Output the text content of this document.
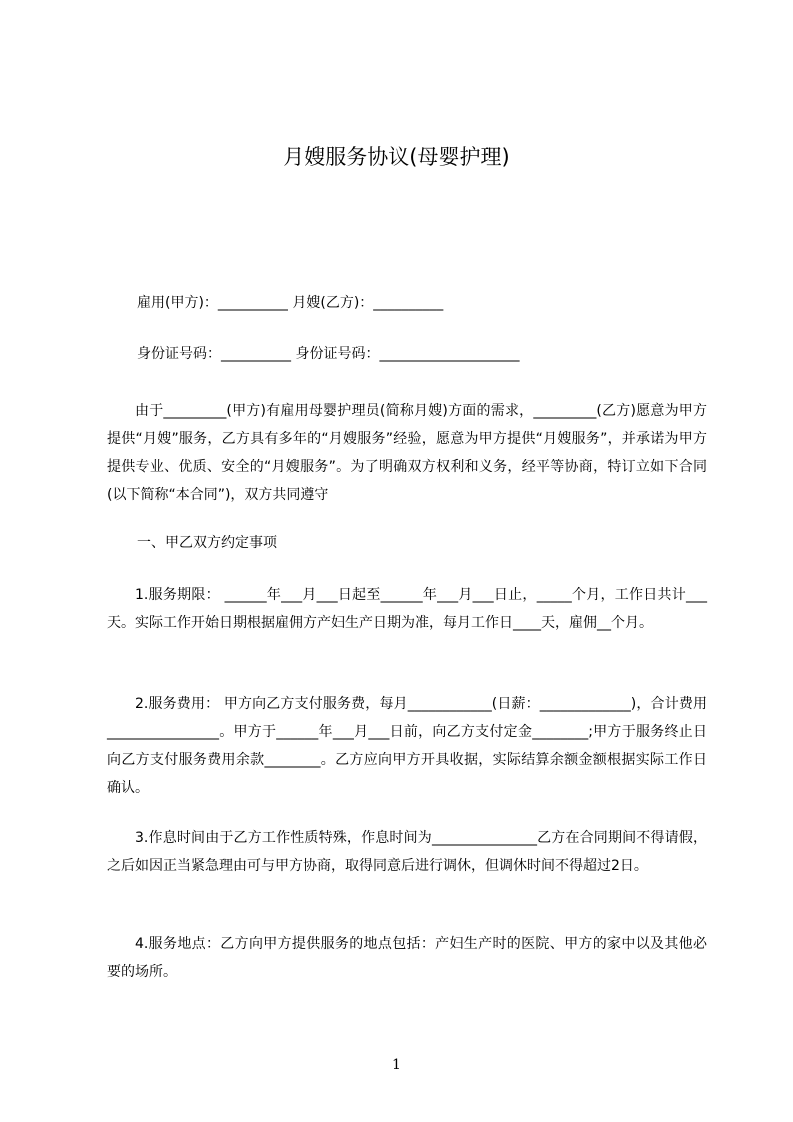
月嫂服务协议(母婴护理)
雇用(甲方)：__________ 月嫂(乙方)：__________
身份证号码：__________ 身份证号码：____________________
由于_________(甲方)有雇用母婴护理员(简称月嫂)方面的需求，_________(乙方)愿意为甲方提供“月嫂”服务，乙方具有多年的“月嫂服务”经验，愿意为甲方提供“月嫂服务”，并承诺为甲方提供专业、优质、安全的“月嫂服务”。为了明确双方权利和义务，经平等协商，特订立如下合同(以下简称“本合同”)，双方共同遵守
一、甲乙双方约定事项
1.服务期限： ______年___月___日起至______年___月___日止，_____个月，工作日共计___天。实际工作开始日期根据雇佣方产妇生产日期为准，每月工作日____天，雇佣__个月。
2.服务费用： 甲方向乙方支付服务费，每月____________(日薪：_____________)，合计费用________________。甲方于______年___月___日前，向乙方支付定金________;甲方于服务终止日向乙方支付服务费用余款________。乙方应向甲方开具收据，实际结算余额金额根据实际工作日确认。
3.作息时间由于乙方工作性质特殊，作息时间为_______________乙方在合同期间不得请假，之后如因正当紧急理由可与甲方协商，取得同意后进行调休，但调休时间不得超过2日。
4.服务地点：乙方向甲方提供服务的地点包括：产妇生产时的医院、甲方的家中以及其他必要的场所。
1
